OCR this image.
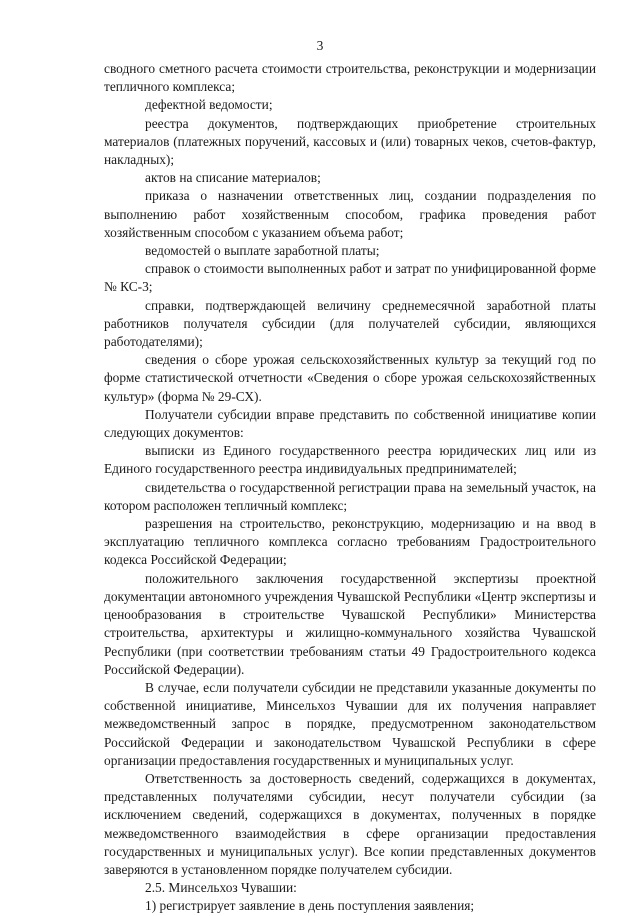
3

сводного сметного расчета стоимости строительства, реконструкции и модернизации тепличного комплекса;

дефектной ведомости;

реестра документов, подтверждающих приобретение строительных материалов (платежных поручений, кассовых и (или) товарных чеков, счетов-фактур, накладных);

актов на списание материалов;

приказа о назначении ответственных лиц, создании подразделения по выполнению работ хозяйственным способом, графика проведения работ хозяйственным способом с указанием объема работ;

ведомостей о выплате заработной платы;

справок о стоимости выполненных работ и затрат по унифицированной форме № КС-3;

справки, подтверждающей величину среднемесячной заработной платы работников получателя субсидии (для получателей субсидии, являющихся работодателями);

сведения о сборе урожая сельскохозяйственных культур за текущий год по форме статистической отчетности «Сведения о сборе урожая сельскохозяйственных культур» (форма № 29-СХ).

Получатели субсидии вправе представить по собственной инициативе копии следующих документов:

выписки из Единого государственного реестра юридических лиц или из Единого государственного реестра индивидуальных предпринимателей;

свидетельства о государственной регистрации права на земельный участок, на котором расположен тепличный комплекс;

разрешения на строительство, реконструкцию, модернизацию и на ввод в эксплуатацию тепличного комплекса согласно требованиям Градостроительного кодекса Российской Федерации;

положительного заключения государственной экспертизы проектной документации автономного учреждения Чувашской Республики «Центр экспертизы и ценообразования в строительстве Чувашской Республики» Министерства строительства, архитектуры и жилищно-коммунального хозяйства Чувашской Республики (при соответствии требованиям статьи 49 Градостроительного кодекса Российской Федерации).

В случае, если получатели субсидии не представили указанные документы по собственной инициативе, Минсельхоз Чувашии для их получения направляет межведомственный запрос в порядке, предусмотренном законодательством Российской Федерации и законодательством Чувашской Республики в сфере организации предоставления государственных и муниципальных услуг.

Ответственность за достоверность сведений, содержащихся в документах, представленных получателями субсидии, несут получатели субсидии (за исключением сведений, содержащихся в документах, полученных в порядке межведомственного взаимодействия в сфере организации предоставления государственных и муниципальных услуг). Все копии представленных документов заверяются в установленном порядке получателем субсидии.

2.5. Минсельхоз Чувашии:

1) регистрирует заявление в день поступления заявления;
